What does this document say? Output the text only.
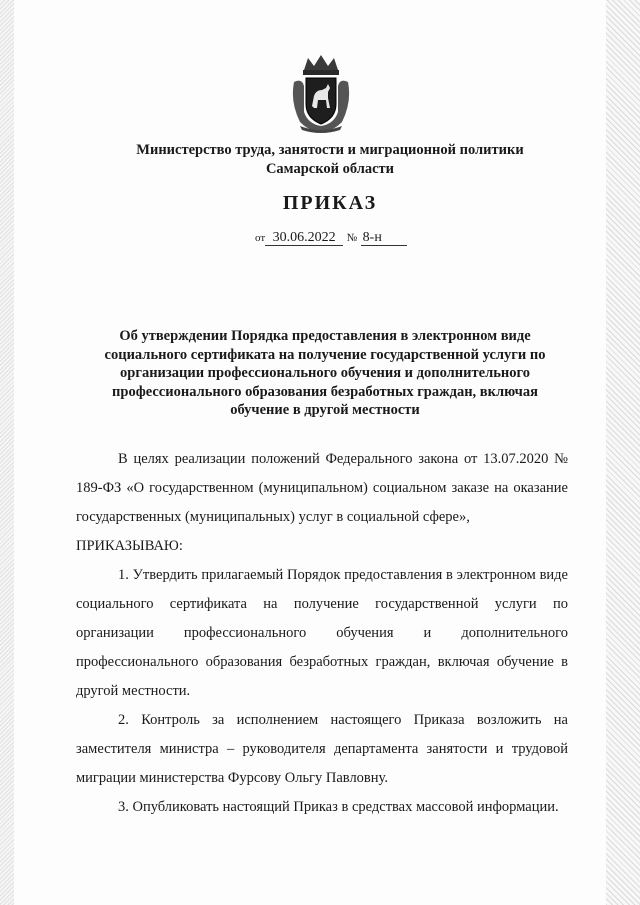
Министерство труда, занятости и миграционной политики
Самарской области
ПРИКАЗ
от 30.06.2022 № 8-н
Об утверждении Порядка предоставления в электронном виде
социального сертификата на получение государственной услуги по
организации профессионального обучения и дополнительного
профессионального образования безработных граждан, включая
обучение в другой местности

В целях реализации положений Федерального закона от 13.07.2020 № 189-ФЗ «О государственном (муниципальном) социальном заказе на оказание государственных (муниципальных) услуг в социальной сфере»,

ПРИКАЗЫВАЮ:

1. Утвердить прилагаемый Порядок предоставления в электронном виде социального сертификата на получение государственной услуги по организации профессионального обучения и дополнительного профессионального образования безработных граждан, включая обучение в другой местности.

2. Контроль за исполнением настоящего Приказа возложить на заместителя министра – руководителя департамента занятости и трудовой миграции министерства Фурсову Ольгу Павловну.

3. Опубликовать настоящий Приказ в средствах массовой информации.
